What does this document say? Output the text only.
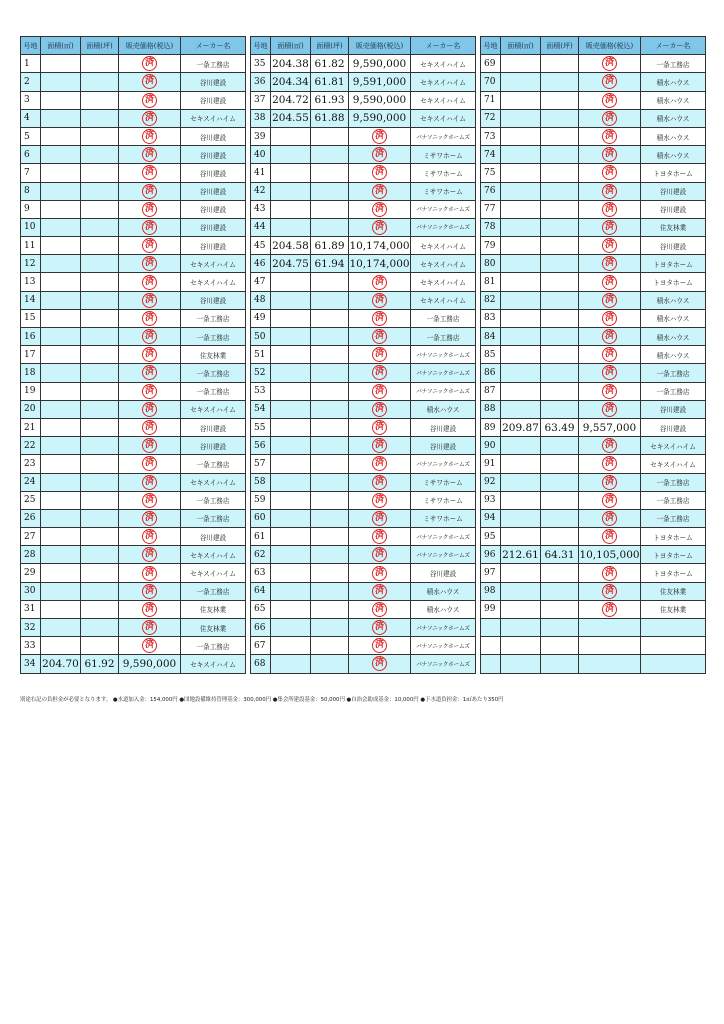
号地	面積(㎡)	面積(坪)	販売価格(税込)	メーカー名
1			済	一条工務店
2			済	谷川建設
3			済	谷川建設
4			済	セキスイハイム
5			済	谷川建設
6			済	谷川建設
7			済	谷川建設
8			済	谷川建設
9			済	谷川建設
10			済	谷川建設
11			済	谷川建設
12			済	セキスイハイム
13			済	セキスイハイム
14			済	谷川建設
15			済	一条工務店
16			済	一条工務店
17			済	住友林業
18			済	一条工務店
19			済	一条工務店
20			済	セキスイハイム
21			済	谷川建設
22			済	谷川建設
23			済	一条工務店
24			済	セキスイハイム
25			済	一条工務店
26			済	一条工務店
27			済	谷川建設
28			済	セキスイハイム
29			済	セキスイハイム
30			済	一条工務店
31			済	住友林業
32			済	住友林業
33			済	一条工務店
34	204.70	61.92	9,590,000	セキスイハイム
号地	面積(㎡)	面積(坪)	販売価格(税込)	メーカー名
35	204.38	61.82	9,590,000	セキスイハイム
36	204.34	61.81	9,591,000	セキスイハイム
37	204.72	61.93	9,590,000	セキスイハイム
38	204.55	61.88	9,590,000	セキスイハイム
39			済	パナソニックホームズ
40			済	ミサワホーム
41			済	ミサワホーム
42			済	ミサワホーム
43			済	パナソニックホームズ
44			済	パナソニックホームズ
45	204.58	61.89	10,174,000	セキスイハイム
46	204.75	61.94	10,174,000	セキスイハイム
47			済	セキスイハイム
48			済	セキスイハイム
49			済	一条工務店
50			済	一条工務店
51			済	パナソニックホームズ
52			済	パナソニックホームズ
53			済	パナソニックホームズ
54			済	積水ハウス
55			済	谷川建設
56			済	谷川建設
57			済	パナソニックホームズ
58			済	ミサワホーム
59			済	ミサワホーム
60			済	ミサワホーム
61			済	パナソニックホームズ
62			済	パナソニックホームズ
63			済	谷川建設
64			済	積水ハウス
65			済	積水ハウス
66			済	パナソニックホームズ
67			済	パナソニックホームズ
68			済	パナソニックホームズ
号地	面積(㎡)	面積(坪)	販売価格(税込)	メーカー名
69			済	一条工務店
70			済	積水ハウス
71			済	積水ハウス
72			済	積水ハウス
73			済	積水ハウス
74			済	積水ハウス
75			済	トヨタホーム
76			済	谷川建設
77			済	谷川建設
78			済	住友林業
79			済	谷川建設
80			済	トヨタホーム
81			済	トヨタホーム
82			済	積水ハウス
83			済	積水ハウス
84			済	積水ハウス
85			済	積水ハウス
86			済	一条工務店
87			済	一条工務店
88			済	谷川建設
89	209.87	63.49	9,557,000	谷川建設
90			済	セキスイハイム
91			済	セキスイハイム
92			済	一条工務店
93			済	一条工務店
94			済	一条工務店
95			済	トヨタホーム
96	212.61	64.31	10,105,000	トヨタホーム
97			済	トヨタホーム
98			済	住友林業
99			済	住友林業

別途右記の負担金が必要となります。 ●水道加入金：154,000円 ●団地設備維持管理基金：300,000円 ●集会所建設基金：50,000円 ●自治会助成基金：10,000円 ●下水道負担金：1㎡あたり350円
